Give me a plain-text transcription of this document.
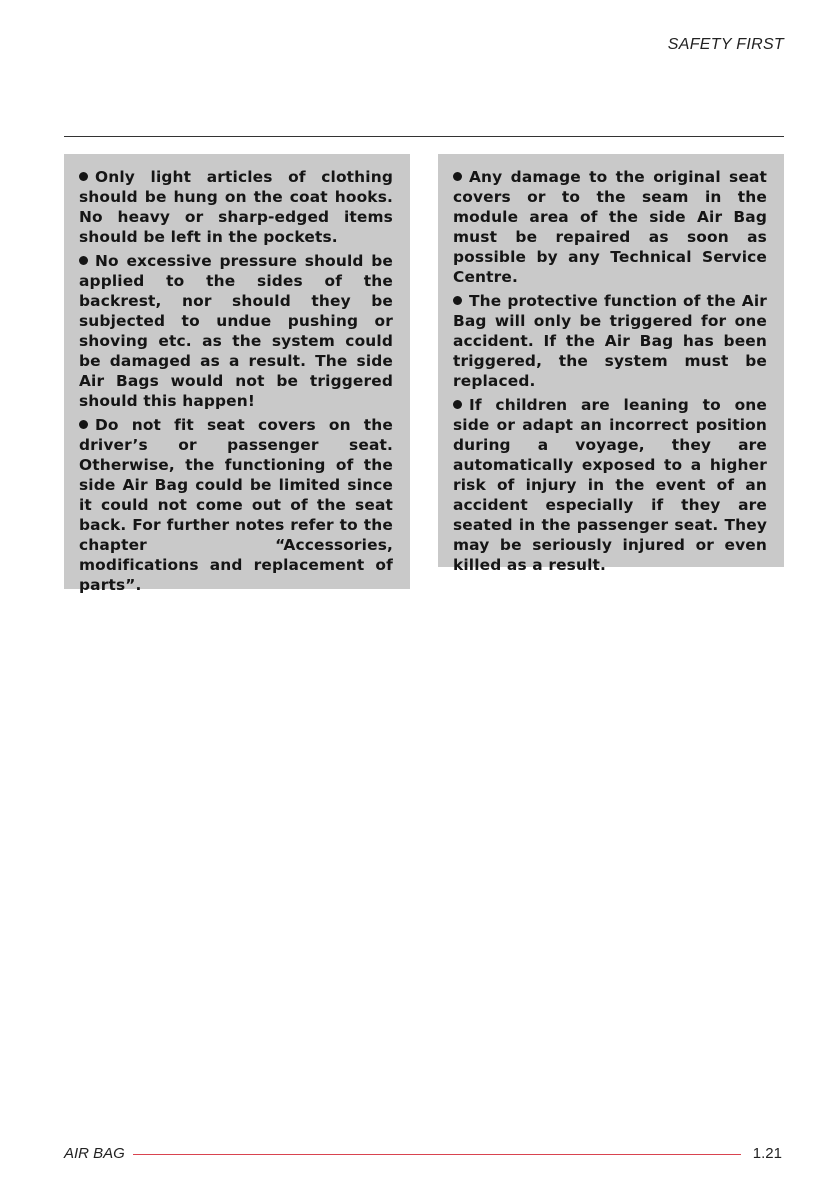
SAFETY FIRST

Only light articles of clothing should be hung on the coat hooks. No heavy or sharp-edged items should be left in the pockets.

No excessive pressure should be applied to the sides of the backrest, nor should they be subjected to undue pushing or shoving etc. as the system could be damaged as a result. The side Air Bags would not be triggered should this happen!

Do not fit seat covers on the driver’s or passenger seat. Otherwise, the functioning of the side Air Bag could be limited since it could not come out of the seat back. For further notes refer to the chapter “Accessories, modifications and replacement of parts”.

Any damage to the original seat covers or to the seam in the module area of the side Air Bag must be repaired as soon as possible by any Technical Service Centre.

The protective function of the Air Bag will only be triggered for one accident. If the Air Bag has been triggered, the system must be replaced.

If children are leaning to one side or adapt an incorrect position during a voyage, they are automatically exposed to a higher risk of injury in the event of an accident especially if they are seated in the passenger seat. They may be seriously injured or even killed as a result.

AIR BAG	1.21
